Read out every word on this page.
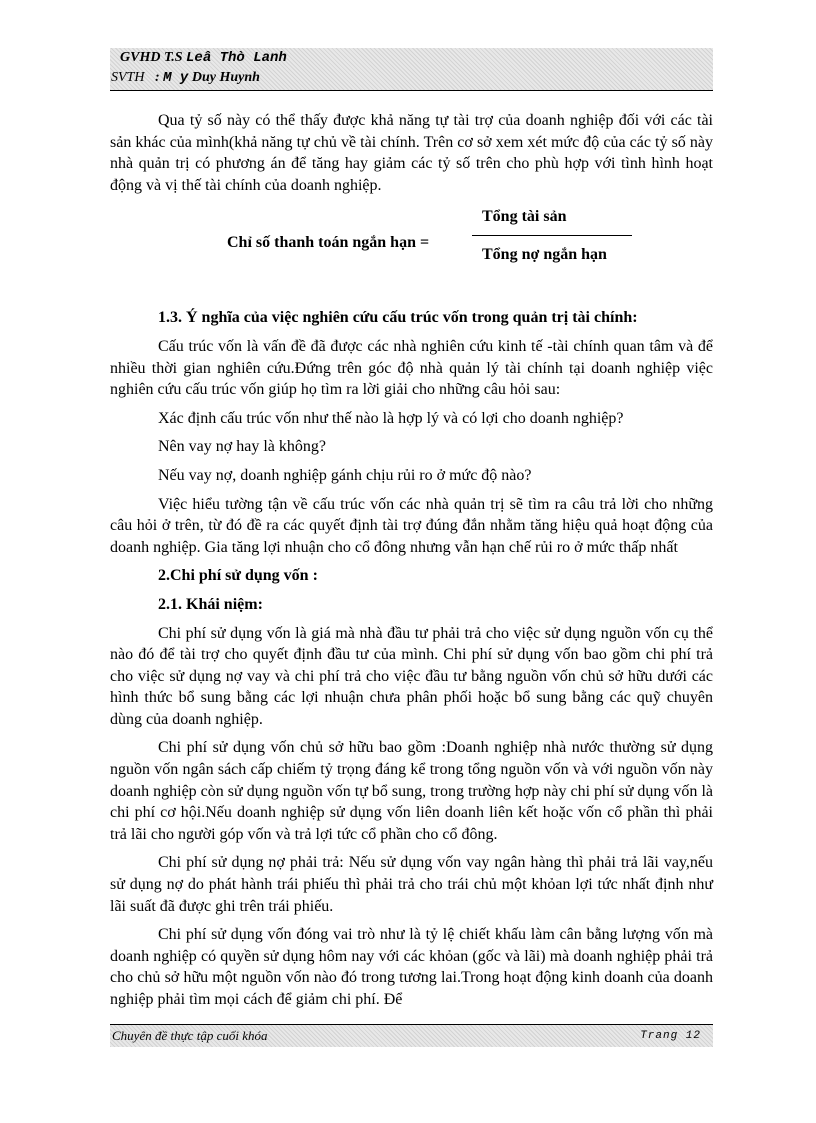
GVHD T.S Leâ Thò Lanh
SVTH : M y Duy Huynh

Qua tỷ số này có thể thấy được khả năng tự tài trợ của doanh nghiệp đối với các tài sản khác của mình(khả năng tự chủ về tài chính. Trên cơ sở xem xét mức độ của các tỷ số này nhà quản trị có phương án để tăng hay giảm các tỷ số trên cho phù hợp với tình hình hoạt động và vị thế tài chính của doanh nghiệp.

Chỉ số thanh toán ngắn hạn =
Tổng tài sản
Tổng nợ ngắn hạn

1.3. Ý nghĩa của việc nghiên cứu cấu trúc vốn trong quản trị tài chính:

Cấu trúc vốn là vấn đề đã được các nhà nghiên cứu kinh tế -tài chính quan tâm và để nhiều thời gian nghiên cứu.Đứng trên góc độ nhà quản lý tài chính tại doanh nghiệp việc nghiên cứu cấu trúc vốn giúp họ tìm ra lời giải cho những câu hỏi sau:

Xác định cấu trúc vốn như thế nào là hợp lý và có lợi cho doanh nghiệp?

Nên vay nợ hay là không?

Nếu vay nợ, doanh nghiệp gánh chịu rủi ro ở mức độ nào?

Việc hiểu tường tận về cấu trúc vốn các nhà quản trị sẽ tìm ra câu trả lời cho những câu hỏi ở trên, từ đó đề ra các quyết định tài trợ đúng đắn nhằm tăng hiệu quả hoạt động của doanh nghiệp. Gia tăng lợi nhuận cho cổ đông nhưng vẫn hạn chế rủi ro ở mức thấp nhất

2.Chi phí sử dụng vốn :

2.1. Khái niệm:

Chi phí sử dụng vốn là giá mà nhà đầu tư phải trả cho việc sử dụng nguồn vốn cụ thể nào đó để tài trợ cho quyết định đầu tư của mình. Chi phí sử dụng vốn bao gồm chi phí trả cho việc sử dụng nợ vay và chi phí trả cho việc đầu tư bằng nguồn vốn chủ sở hữu dưới các hình thức bổ sung bằng các lợi nhuận chưa phân phối hoặc bổ sung bằng các quỹ chuyên dùng của doanh nghiệp.

Chi phí sử dụng vốn chủ sở hữu bao gồm :Doanh nghiệp nhà nước thường sử dụng nguồn vốn ngân sách cấp chiếm tỷ trọng đáng kể trong tổng nguồn vốn và với nguồn vốn này doanh nghiệp còn sử dụng nguồn vốn tự bổ sung, trong trường hợp này chi phí sử dụng vốn là chi phí cơ hội.Nếu doanh nghiệp sử dụng vốn liên doanh liên kết hoặc vốn cổ phần thì phải trả lãi cho người góp vốn và trả lợi tức cổ phần cho cổ đông.

Chi phí sử dụng nợ phải trả: Nếu sử dụng vốn vay ngân hàng thì phải trả lãi vay,nếu sử dụng nợ do phát hành trái phiếu thì phải trả cho trái chủ một khỏan lợi tức nhất định như lãi suất đã được ghi trên trái phiếu.

Chi phí sử dụng vốn đóng vai trò như là tỷ lệ chiết khấu làm cân bằng lượng vốn mà doanh nghiệp có quyền sử dụng hôm nay với các khỏan (gốc và lãi) mà doanh nghiệp phải trả cho chủ sở hữu một nguồn vốn nào đó trong tương lai.Trong hoạt động kinh doanh của doanh nghiệp phải tìm mọi cách để giảm chi phí. Để

Chuyên đề thực tập cuối khóa	Trang 12
